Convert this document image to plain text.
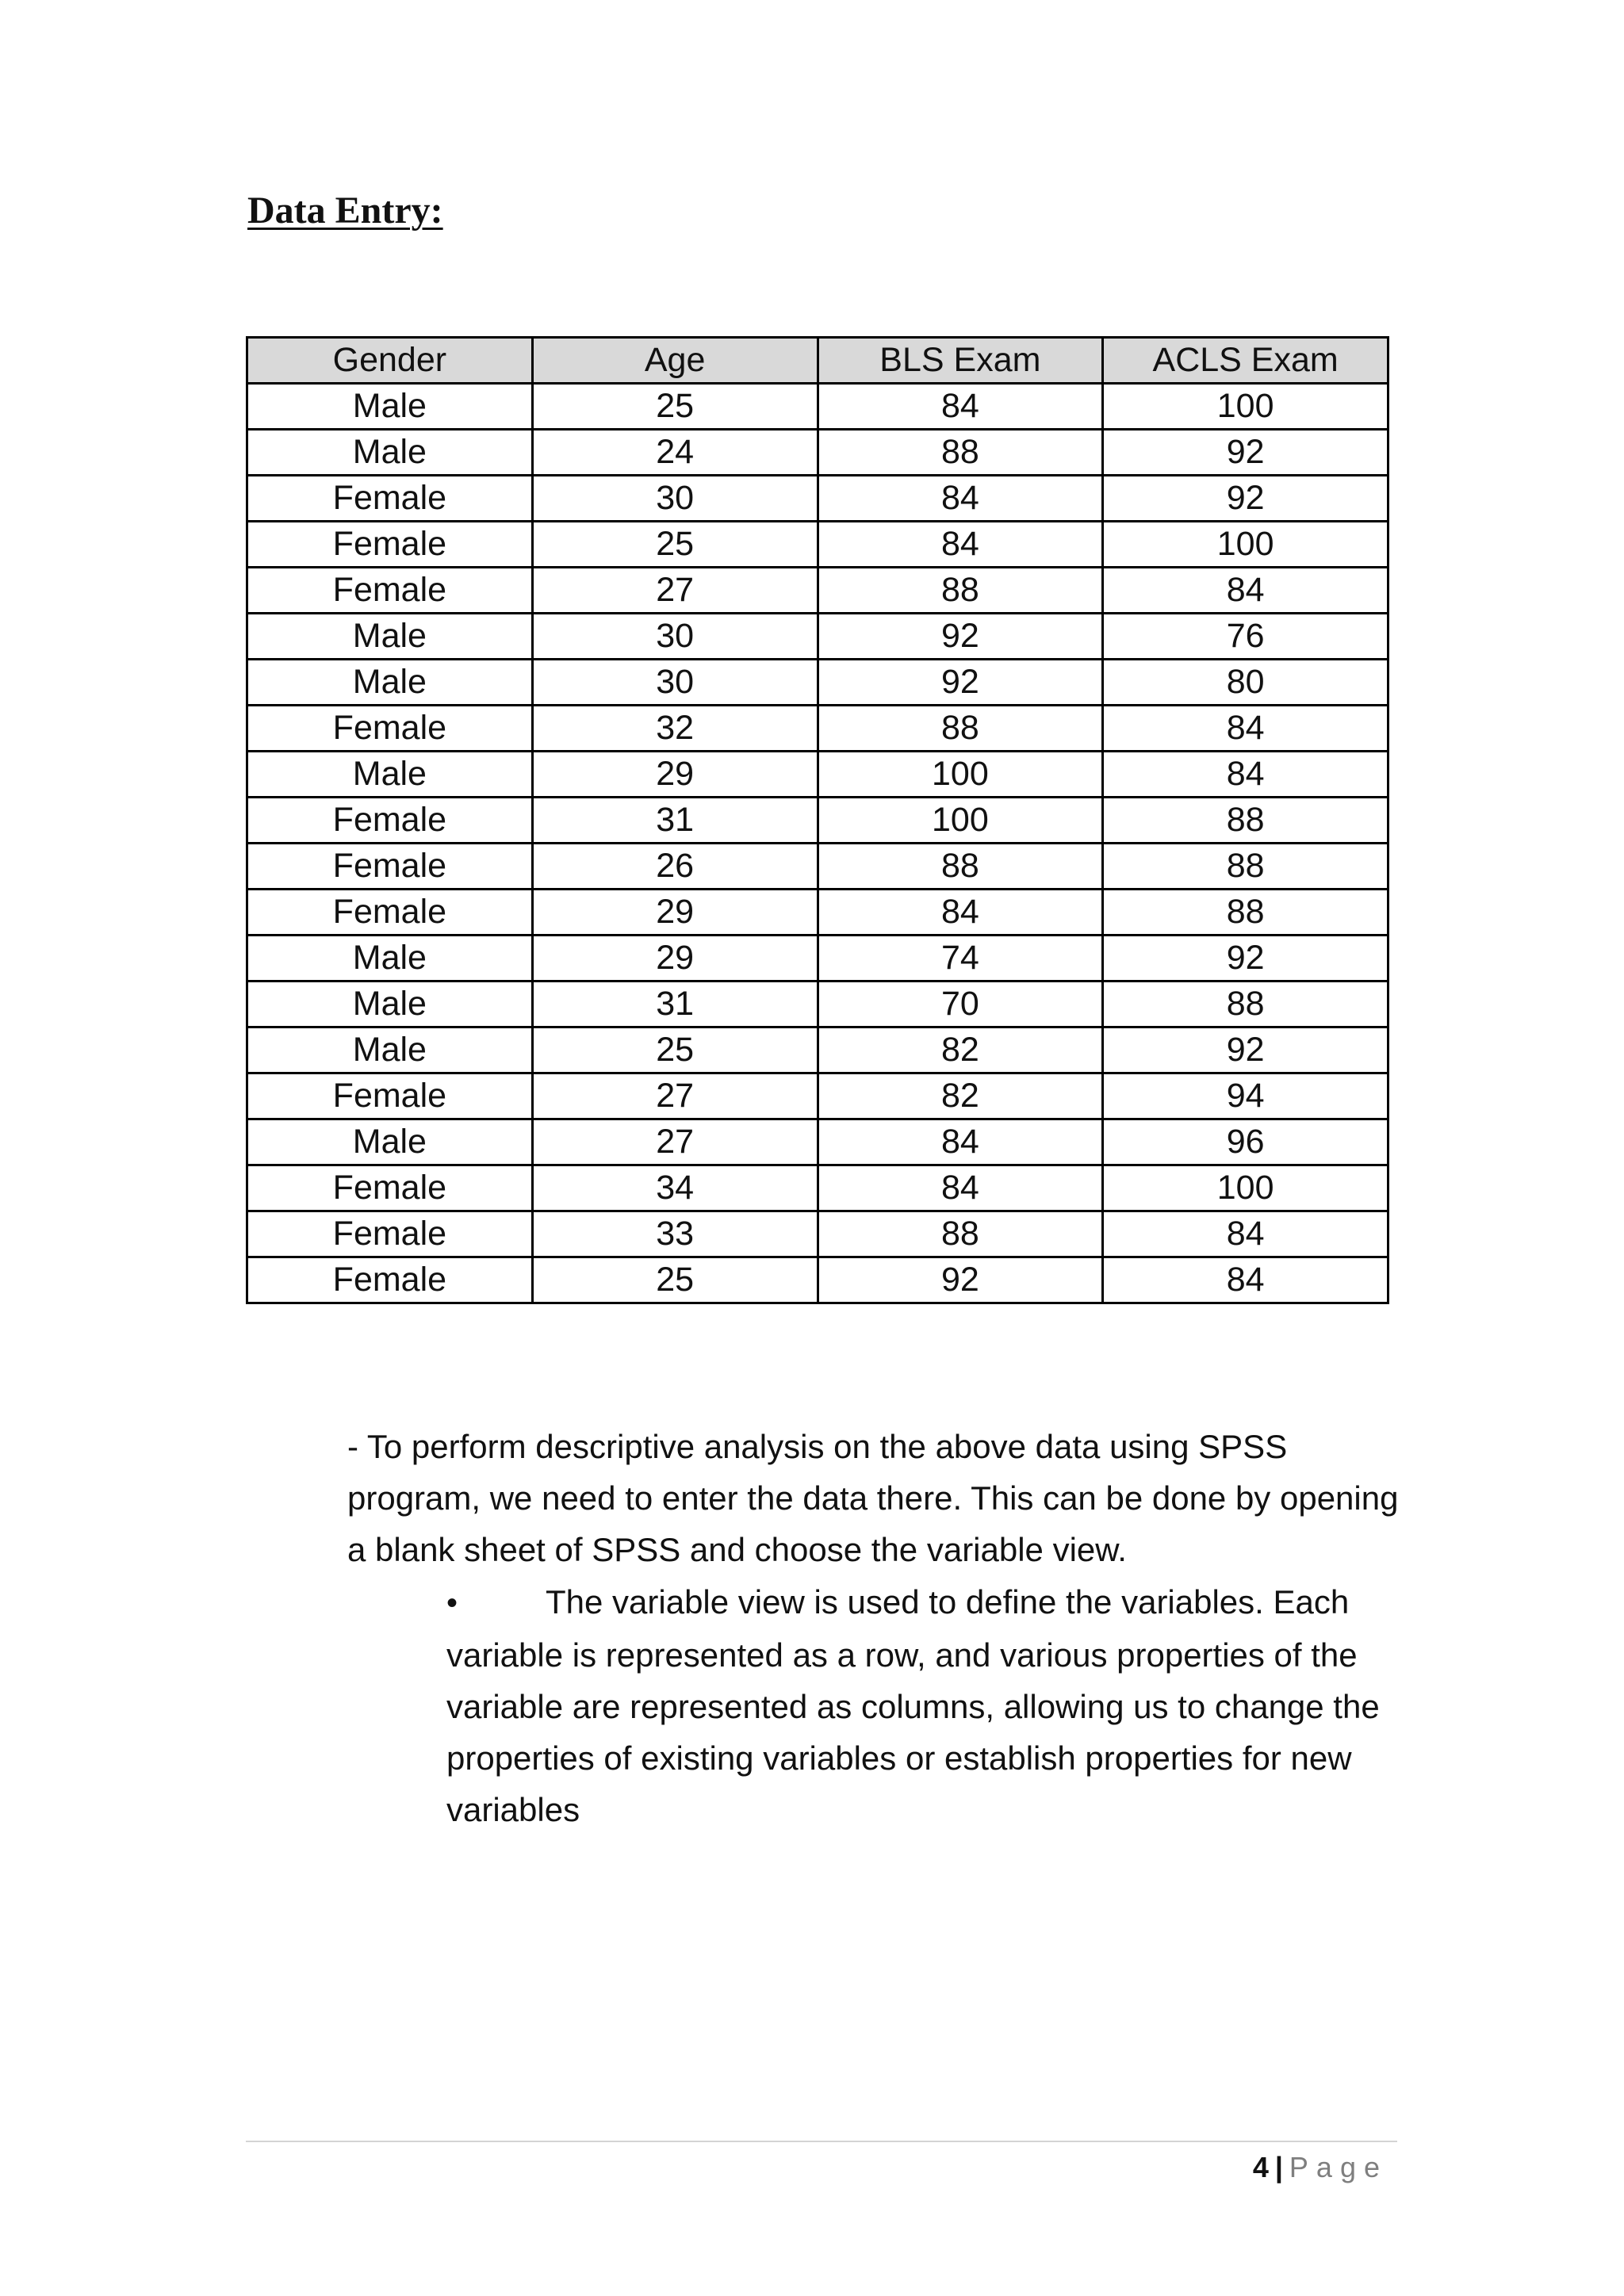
Data Entry:
Gender	Age	BLS Exam	ACLS Exam
Male	25	84	100
Male	24	88	92
Female	30	84	92
Female	25	84	100
Female	27	88	84
Male	30	92	76
Male	30	92	80
Female	32	88	84
Male	29	100	84
Female	31	100	88
Female	26	88	88
Female	29	84	88
Male	29	74	92
Male	31	70	88
Male	25	82	92
Female	27	82	94
Male	27	84	96
Female	34	84	100
Female	33	88	84
Female	25	92	84

- To perform descriptive analysis on the above data using SPSS program, we need to enter the data there. This can be done by opening a blank sheet of SPSS and choose the variable view.

•	The variable view is used to define the variables. Each variable is represented as a row, and various properties of the variable are represented as columns, allowing us to change the properties of existing variables or establish properties for new variables

4 | Page
